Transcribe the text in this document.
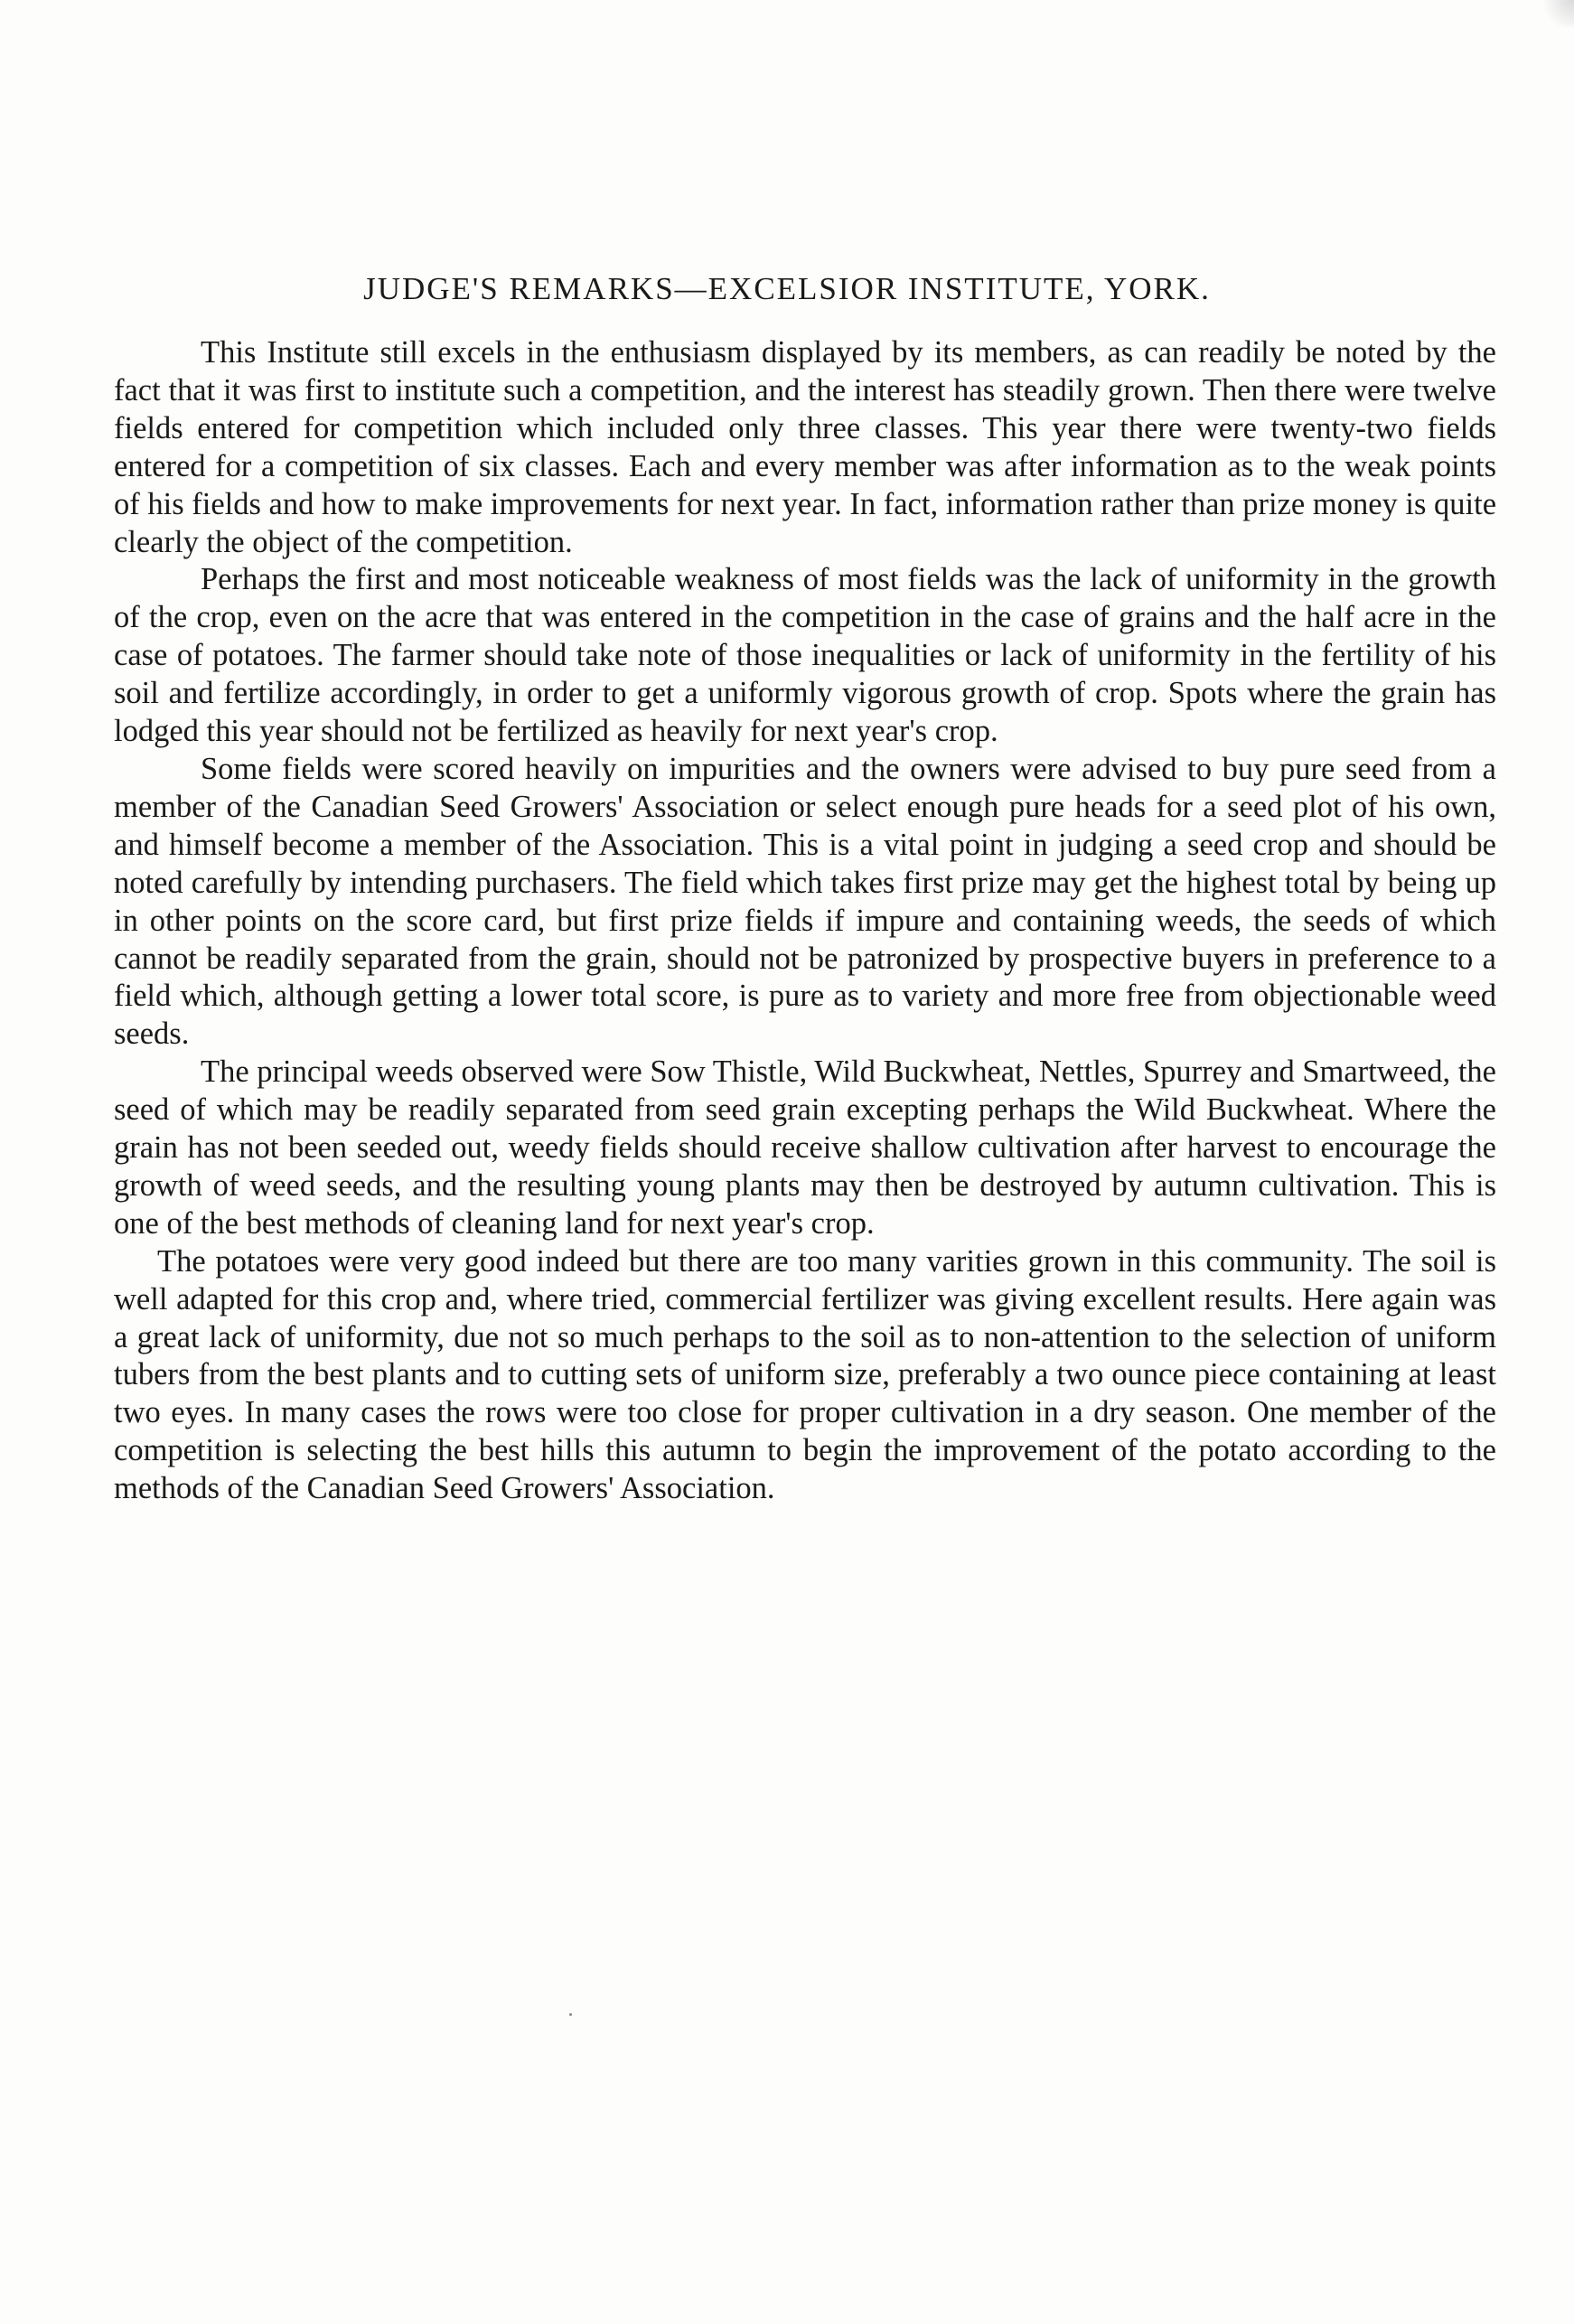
JUDGE'S REMARKS—EXCELSIOR INSTITUTE, YORK.

This Institute still excels in the enthusiasm displayed by its members, as can readily be noted by the fact that it was first to institute such a competition, and the interest has steadily grown. Then there were twelve fields entered for competition which included only three classes. This year there were twenty-two fields entered for a competition of six classes. Each and every member was after information as to the weak points of his fields and how to make improvements for next year. In fact, information rather than prize money is quite clearly the object of the competition.

Perhaps the first and most noticeable weakness of most fields was the lack of uniformity in the growth of the crop, even on the acre that was entered in the competition in the case of grains and the half acre in the case of potatoes. The farmer should take note of those inequalities or lack of uniformity in the fertility of his soil and fertilize accordingly, in order to get a uniformly vigorous growth of crop. Spots where the grain has lodged this year should not be fertilized as heavily for next year's crop.

Some fields were scored heavily on impurities and the owners were advised to buy pure seed from a member of the Canadian Seed Growers' Association or select enough pure heads for a seed plot of his own, and himself become a member of the Association. This is a vital point in judging a seed crop and should be noted carefully by intending purchasers. The field which takes first prize may get the highest total by being up in other points on the score card, but first prize fields if impure and containing weeds, the seeds of which cannot be readily separated from the grain, should not be patronized by prospective buyers in preference to a field which, although getting a lower total score, is pure as to variety and more free from objectionable weed seeds.

The principal weeds observed were Sow Thistle, Wild Buckwheat, Nettles, Spurrey and Smartweed, the seed of which may be readily separated from seed grain excepting perhaps the Wild Buckwheat. Where the grain has not been seeded out, weedy fields should receive shallow cultivation after harvest to encourage the growth of weed seeds, and the resulting young plants may then be destroyed by autumn cultivation. This is one of the best methods of cleaning land for next year's crop.

The potatoes were very good indeed but there are too many varities grown in this community. The soil is well adapted for this crop and, where tried, commercial fertilizer was giving excellent results. Here again was a great lack of uniformity, due not so much perhaps to the soil as to non-attention to the selection of uniform tubers from the best plants and to cutting sets of uniform size, preferably a two ounce piece containing at least two eyes. In many cases the rows were too close for proper cultivation in a dry season. One member of the competition is selecting the best hills this autumn to begin the improvement of the potato according to the methods of the Canadian Seed Growers' Association.
